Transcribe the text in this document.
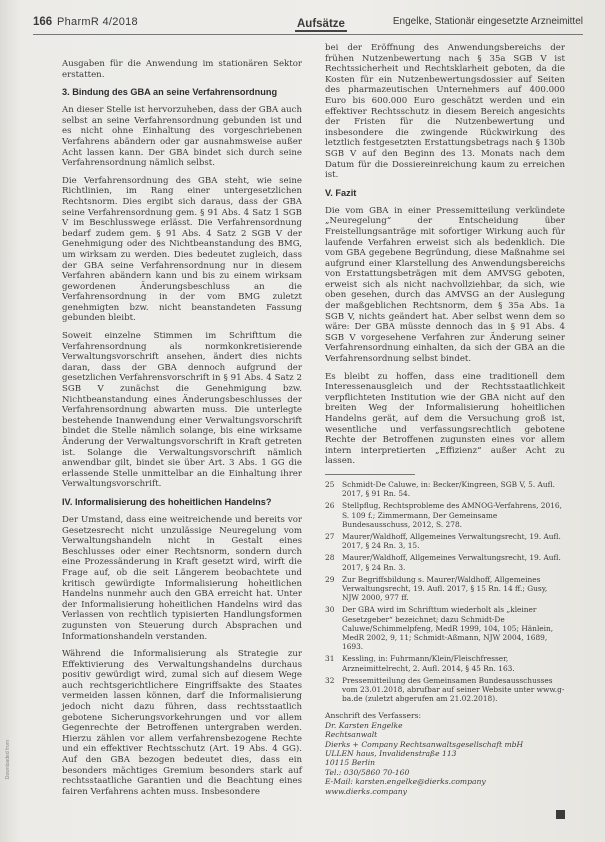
166 PharmR 4/2018	Aufsätze	Engelke, Stationär eingesetzte Arzneimittel

Ausgaben für die Anwendung im stationären Sektor erstatten.

3. Bindung des GBA an seine Verfahrensordnung

An dieser Stelle ist hervorzuheben, dass der GBA auch selbst an seine Verfahrensordnung gebunden ist und es nicht ohne Einhaltung des vorgeschriebenen Verfahrens abändern oder gar ausnahmsweise außer Acht lassen kann. Der GBA bindet sich durch seine Verfahrensordnung nämlich selbst.

Die Verfahrensordnung des GBA steht, wie seine Richtlinien, im Rang einer untergesetzlichen Rechtsnorm. Dies ergibt sich daraus, dass der GBA seine Verfahrensordnung gem. § 91 Abs. 4 Satz 1 SGB V im Beschlusswege erlässt. Die Verfahrensordnung bedarf zudem gem. § 91 Abs. 4 Satz 2 SGB V der Genehmigung oder des Nichtbeanstandung des BMG, um wirksam zu werden. Dies bedeutet zugleich, dass der GBA seine Verfahrensordnung nur in diesem Verfahren abändern kann und bis zu einem wirksam gewordenen Änderungsbeschluss an die Verfahrensordnung in der vom BMG zuletzt genehmigten bzw. nicht beanstandeten Fassung gebunden bleibt.

Soweit einzelne Stimmen im Schrifttum die Verfahrensordnung als normkonkretisierende Verwaltungsvorschrift ansehen, ändert dies nichts daran, dass der GBA dennoch aufgrund der gesetzlichen Verfahrensvorschrift in § 91 Abs. 4 Satz 2 SGB V zunächst die Genehmigung bzw. Nichtbeanstandung eines Änderungsbeschlusses der Verfahrensordnung abwarten muss. Die unterlegte bestehende Inanwendung einer Verwaltungsvorschrift bindet die Stelle nämlich solange, bis eine wirksame Änderung der Verwaltungsvorschrift in Kraft getreten ist. Solange die Verwaltungsvorschrift nämlich anwendbar gilt, bindet sie über Art. 3 Abs. 1 GG die erlassende Stelle unmittelbar an die Einhaltung ihrer Verwaltungsvorschrift.

IV. Informalisierung des hoheitlichen Handelns?

Der Umstand, dass eine weitreichende und bereits vor Gesetzesrecht nicht unzulässige Neuregelung vom Verwaltungshandeln nicht in Gestalt eines Beschlusses oder einer Rechtsnorm, sondern durch eine Prozessänderung in Kraft gesetzt wird, wirft die Frage auf, ob die seit Längerem beobachtete und kritisch gewürdigte Informalisierung hoheitlichen Handelns nunmehr auch den GBA erreicht hat. Unter der Informalisierung hoheitlichen Handelns wird das Verlassen von rechtlich typisierten Handlungsformen zugunsten von Steuerung durch Absprachen und Informationshandeln verstanden.

Während die Informalisierung als Strategie zur Effektivierung des Verwaltungshandelns durchaus positiv gewürdigt wird, zumal sich auf diesem Wege auch rechtsgerichtlichere Eingriffsakte des Staates vermeiden lassen können, darf die Informalisierung jedoch nicht dazu führen, dass rechtsstaatlich gebotene Sicherungsvorkehrungen und vor allem Gegenrechte der Betroffenen untergraben werden. Hierzu zählen vor allem verfahrensbezogene Rechte und ein effektiver Rechtsschutz (Art. 19 Abs. 4 GG). Auf den GBA bezogen bedeutet dies, dass ein besonders mächtiges Gremium besonders stark auf rechtsstaatliche Garantien und die Beachtung eines fairen Verfahrens achten muss. Insbesondere

bei der Eröffnung des Anwendungsbereichs der frühen Nutzenbewertung nach § 35a SGB V ist Rechtssicherheit und Rechtsklarheit geboten, da die Kosten für ein Nutzenbewertungsdossier auf Seiten des pharmazeutischen Unternehmers auf 400.000 Euro bis 600.000 Euro geschätzt werden und ein effektiver Rechtsschutz in diesem Bereich angesichts der Fristen für die Nutzenbewertung und insbesondere die zwingende Rückwirkung des letztlich festgesetzten Erstattungsbetrags nach § 130b SGB V auf den Beginn des 13. Monats nach dem Datum für die Dossiereinreichung kaum zu erreichen ist.

V. Fazit

Die vom GBA in einer Pressemitteilung verkündete „Neuregelung“ der Entscheidung über Freistellungsanträge mit sofortiger Wirkung auch für laufende Verfahren erweist sich als bedenklich. Die vom GBA gegebene Begründung, diese Maßnahme sei aufgrund einer Klarstellung des Anwendungsbereichs von Erstattungsbeträgen mit dem AMVSG geboten, erweist sich als nicht nachvollziehbar, da sich, wie oben gesehen, durch das AMVSG an der Auslegung der maßgeblichen Rechtsnorm, dem § 35a Abs. 1a SGB V, nichts geändert hat. Aber selbst wenn dem so wäre: Der GBA müsste dennoch das in § 91 Abs. 4 SGB V vorgesehene Verfahren zur Änderung seiner Verfahrensordnung einhalten, da sich der GBA an die Verfahrensordnung selbst bindet.

Es bleibt zu hoffen, dass eine traditionell dem Interessenausgleich und der Rechtsstaatlichkeit verpflichteten Institution wie der GBA nicht auf den breiten Weg der Informalisierung hoheitlichen Handelns gerät, auf dem die Versuchung groß ist, wesentliche und verfassungsrechtlich gebotene Rechte der Betroffenen zugunsten eines vor allem intern interpretierten „Effizienz“ außer Acht zu lassen.

25	Schmidt-De Caluwe, in: Becker/Kingreen, SGB V, 5. Aufl. 2017, § 91 Rn. 54.
26	Stellpflug, Rechtsprobleme des AMNOG-Verfahrens, 2016, S. 109 f.; Zimmermann, Der Gemeinsame Bundesausschuss, 2012, S. 278.
27	Maurer/Waldhoff, Allgemeines Verwaltungsrecht, 19. Aufl. 2017, § 24 Rn. 3, 15.
28	Maurer/Waldhoff, Allgemeines Verwaltungsrecht, 19. Aufl. 2017, § 24 Rn. 3.
29	Zur Begriffsbildung s. Maurer/Waldhoff, Allgemeines Verwaltungsrecht, 19. Aufl. 2017, § 15 Rn. 14 ff.; Gusy, NJW 2000, 977 ff.
30	Der GBA wird im Schrifttum wiederholt als „kleiner Gesetzgeber“ bezeichnet; dazu Schmidt-De Caluwe/Schimmelpfeng, MedR 1999, 104, 105; Hänlein, MedR 2002, 9, 11; Schmidt-Aßmann, NJW 2004, 1689, 1693.
31	Kessling, in: Fuhrmann/Klein/Fleischfresser, Arzneimittelrecht, 2. Aufl. 2014, § 45 Rn. 163.
32	Pressemitteilung des Gemeinsamen Bundesausschusses vom 23.01.2018, abrufbar auf seiner Website unter www.g-ba.de (zuletzt abgerufen am 21.02.2018).
Anschrift des Verfassers:
Dr. Karsten Engelke
Rechtsanwalt
Dierks + Company Rechtsanwaltsgesellschaft mbH
ULLEN haus, Invalidenstraße 113
10115 Berlin
Tel.: 030/5860 70-160
E-Mail: karsten.engelke@dierks.company
www.dierks.company
Downloaded from
